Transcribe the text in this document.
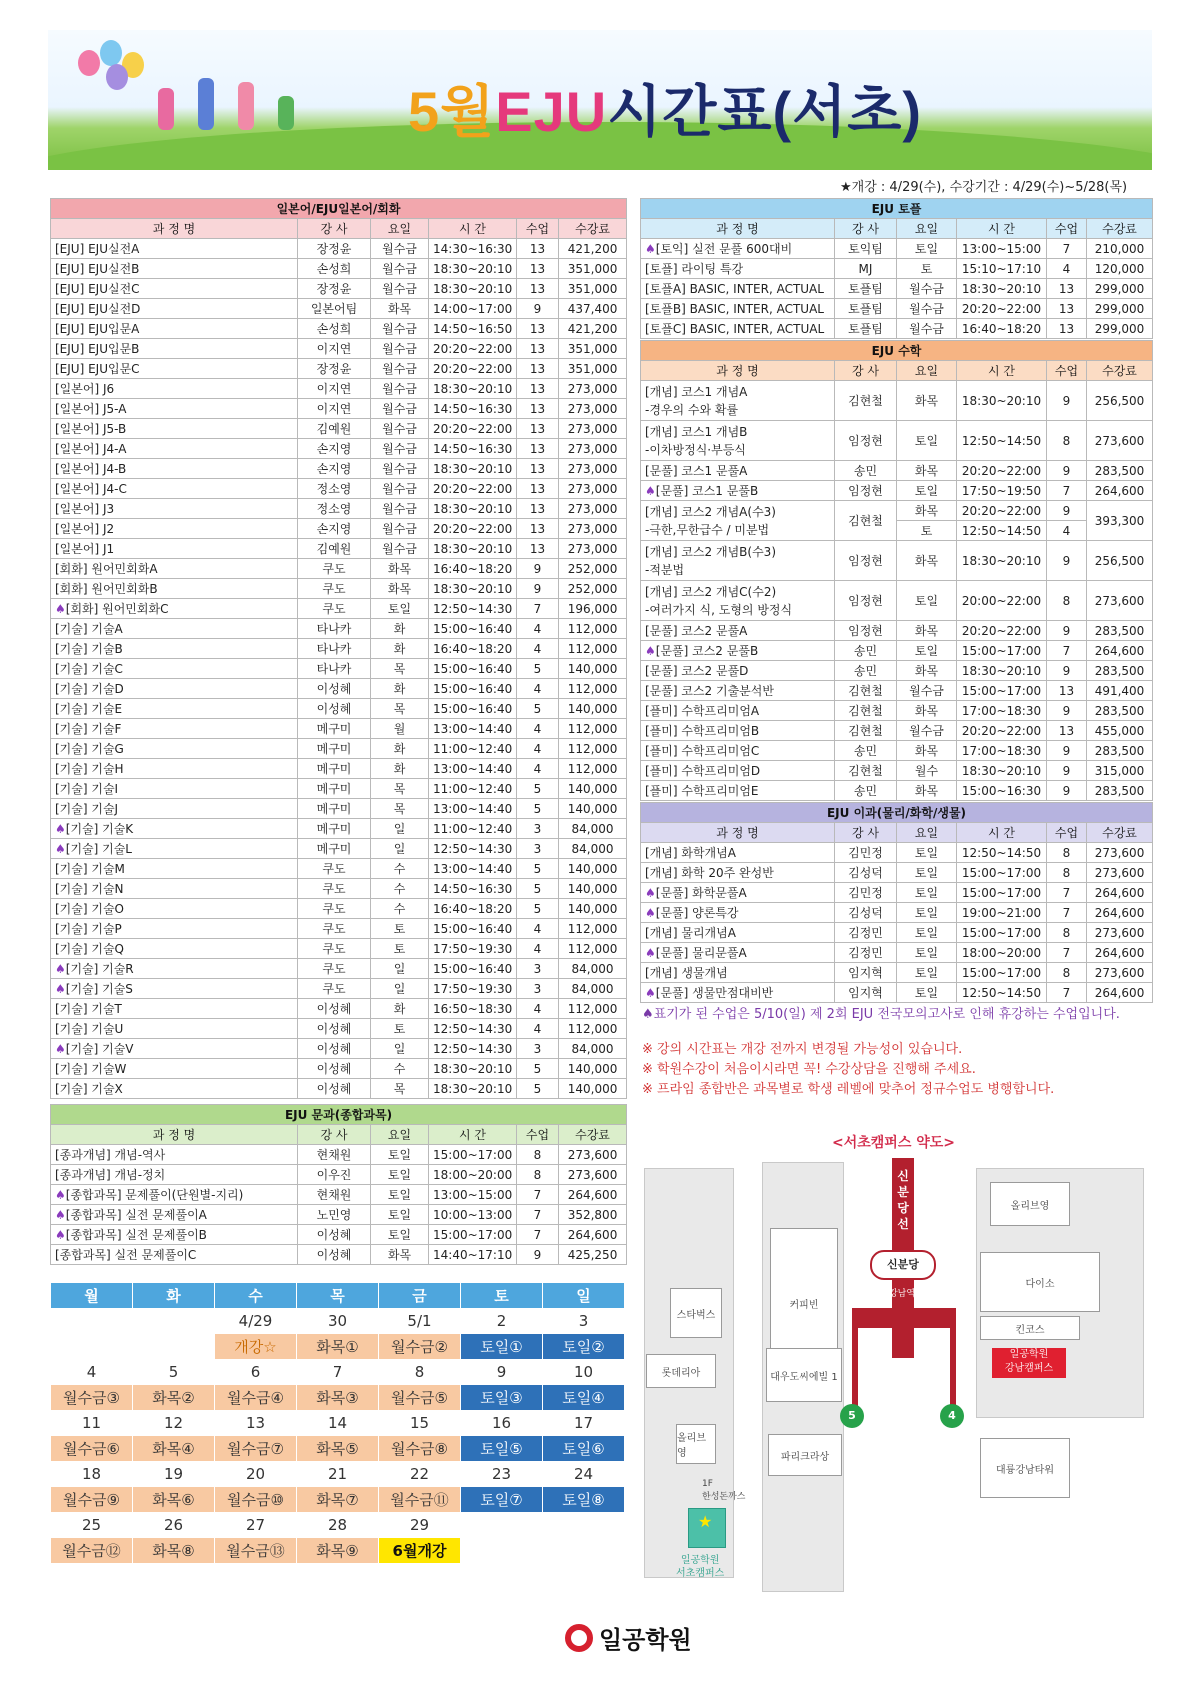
5월EJU시간표(서초)
★개강 : 4/29(수), 수강기간 : 4/29(수)~5/28(목)
일본어/EJU일본어/회화					
과 정 명	강 사	요일	시 간	수업	수강료
[EJU] EJU실전A	장정윤	월수금	14:30~16:30	13	421,200
[EJU] EJU실전B	손성희	월수금	18:30~20:10	13	351,000
[EJU] EJU실전C	장정윤	월수금	18:30~20:10	13	351,000
[EJU] EJU실전D	일본어팀	화목	14:00~17:00	9	437,400
[EJU] EJU입문A	손성희	월수금	14:50~16:50	13	421,200
[EJU] EJU입문B	이지연	월수금	20:20~22:00	13	351,000
[EJU] EJU입문C	장정윤	월수금	20:20~22:00	13	351,000
[일본어] J6	이지연	월수금	18:30~20:10	13	273,000
[일본어] J5-A	이지연	월수금	14:50~16:30	13	273,000
[일본어] J5-B	김예원	월수금	20:20~22:00	13	273,000
[일본어] J4-A	손지영	월수금	14:50~16:30	13	273,000
[일본어] J4-B	손지영	월수금	18:30~20:10	13	273,000
[일본어] J4-C	정소영	월수금	20:20~22:00	13	273,000
[일본어] J3	정소영	월수금	18:30~20:10	13	273,000
[일본어] J2	손지영	월수금	20:20~22:00	13	273,000
[일본어] J1	김예원	월수금	18:30~20:10	13	273,000
[회화] 원어민회화A	쿠도	화목	16:40~18:20	9	252,000
[회화] 원어민회화B	쿠도	화목	18:30~20:10	9	252,000
♠[회화] 원어민회화C	쿠도	토일	12:50~14:30	7	196,000
[기술] 기술A	타나카	화	15:00~16:40	4	112,000
[기술] 기술B	타나카	화	16:40~18:20	4	112,000
[기술] 기술C	타나카	목	15:00~16:40	5	140,000
[기술] 기술D	이성혜	화	15:00~16:40	4	112,000
[기술] 기술E	이성혜	목	15:00~16:40	5	140,000
[기술] 기술F	메구미	월	13:00~14:40	4	112,000
[기술] 기술G	메구미	화	11:00~12:40	4	112,000
[기술] 기술H	메구미	화	13:00~14:40	4	112,000
[기술] 기술I	메구미	목	11:00~12:40	5	140,000
[기술] 기술J	메구미	목	13:00~14:40	5	140,000
♠[기술] 기술K	메구미	일	11:00~12:40	3	84,000
♠[기술] 기술L	메구미	일	12:50~14:30	3	84,000
[기술] 기술M	쿠도	수	13:00~14:40	5	140,000
[기술] 기술N	쿠도	수	14:50~16:30	5	140,000
[기술] 기술O	쿠도	수	16:40~18:20	5	140,000
[기술] 기술P	쿠도	토	15:00~16:40	4	112,000
[기술] 기술Q	쿠도	토	17:50~19:30	4	112,000
♠[기술] 기술R	쿠도	일	15:00~16:40	3	84,000
♠[기술] 기술S	쿠도	일	17:50~19:30	3	84,000
[기술] 기술T	이성혜	화	16:50~18:30	4	112,000
[기술] 기술U	이성혜	토	12:50~14:30	4	112,000
♠[기술] 기술V	이성혜	일	12:50~14:30	3	84,000
[기술] 기술W	이성혜	수	18:30~20:10	5	140,000
[기술] 기술X	이성혜	목	18:30~20:10	5	140,000
EJU 문과(종합과목)					
과 정 명	강 사	요일	시 간	수업	수강료
[종과개념] 개념-역사	현채원	토일	15:00~17:00	8	273,600
[종과개념] 개념-정치	이우진	토일	18:00~20:00	8	273,600
♠[종합과목] 문제풀이(단원별-지리)	현채원	토일	13:00~15:00	7	264,600
♠[종합과목] 실전 문제풀이A	노민영	토일	10:00~13:00	7	352,800
♠[종합과목] 실전 문제풀이B	이성혜	토일	15:00~17:00	7	264,600
[종합과목] 실전 문제풀이C	이성혜	화목	14:40~17:10	9	425,250
EJU 토플					
과 정 명	강 사	요일	시 간	수업	수강료
♠[토익] 실전 문풀 600대비	토익팀	토일	13:00~15:00	7	210,000
[토플] 라이팅 특강	MJ	토	15:10~17:10	4	120,000
[토플A] BASIC, INTER, ACTUAL	토플팀	월수금	18:30~20:10	13	299,000
[토플B] BASIC, INTER, ACTUAL	토플팀	월수금	20:20~22:00	13	299,000
[토플C] BASIC, INTER, ACTUAL	토플팀	월수금	16:40~18:20	13	299,000
EJU 수학					
과 정 명	강 사	요일	시 간	수업	수강료

[개념] 코스1 개념A
-경우의 수와 확률	김현철	화목	18:30~20:10	9	256,500

[개념] 코스1 개념B
-이차방정식·부등식	임정현	토일	12:50~14:50	8	273,600
[문풀] 코스1 문풀A	송민	화목	20:20~22:00	9	283,500
♠[문풀] 코스1 문풀B	임정현	토일	17:50~19:50	7	264,600

[개념] 코스2 개념A(수3)
-극한,무한급수 / 미분법	김현철	화목	20:20~22:00	9	393,300
		토	12:50~14:50	4	

[개념] 코스2 개념B(수3)
-적분법	임정현	화목	18:30~20:10	9	256,500

[개념] 코스2 개념C(수2)
-여러가지 식, 도형의 방정식	임정현	토일	20:00~22:00	8	273,600
[문풀] 코스2 문풀A	임정현	화목	20:20~22:00	9	283,500
♠[문풀] 코스2 문풀B	송민	토일	15:00~17:00	7	264,600
[문풀] 코스2 문풀D	송민	화목	18:30~20:10	9	283,500
[문풀] 코스2 기출분석반	김현철	월수금	15:00~17:00	13	491,400
[플미] 수학프리미엄A	김현철	화목	17:00~18:30	9	283,500
[플미] 수학프리미엄B	김현철	월수금	20:20~22:00	13	455,000
[플미] 수학프리미엄C	송민	화목	17:00~18:30	9	283,500
[플미] 수학프리미엄D	김현철	월수	18:30~20:10	9	315,000
[플미] 수학프리미엄E	송민	화목	15:00~16:30	9	283,500
EJU 이과(물리/화학/생물)					
과 정 명	강 사	요일	시 간	수업	수강료
[개념] 화학개념A	김민정	토일	12:50~14:50	8	273,600
[개념] 화학 20주 완성반	김성덕	토일	15:00~17:00	8	273,600
♠[문풀] 화학문풀A	김민정	토일	15:00~17:00	7	264,600
♠[문풀] 양론특강	김성덕	토일	19:00~21:00	7	264,600
[개념] 물리개념A	김정민	토일	15:00~17:00	8	273,600
♠[문풀] 물리문풀A	김정민	토일	18:00~20:00	7	264,600
[개념] 생물개념	임지혁	토일	15:00~17:00	8	273,600
♠[문풀] 생물만점대비반	임지혁	토일	12:50~14:50	7	264,600
♠표기가 된 수업은 5/10(일) 제 2회 EJU 전국모의고사로 인해 휴강하는 수업입니다.
※ 강의 시간표는 개강 전까지 변경될 가능성이 있습니다.
※ 학원수강이 처음이시라면 꼭! 수강상담을 진행해 주세요.
※ 프라임 종합반은 과목별로 학생 레벨에 맞추어 정규수업도 병행합니다.
월	화	수	목	금	토	일
		4/29	30	5/1	2	3
		개강☆	화목①	월수금②	토일①	토일②
4	5	6	7	8	9	10
월수금③	화목②	월수금④	화목③	월수금⑤	토일③	토일④
11	12	13	14	15	16	17
월수금⑥	화목④	월수금⑦	화목⑤	월수금⑧	토일⑤	토일⑥
18	19	20	21	22	23	24
월수금⑨	화목⑥	월수금⑩	화목⑦	월수금⑪	토일⑦	토일⑧
25	26	27	28	29		
월수금⑫	화목⑧	월수금⑬	화목⑨	6월개강		
<서초캠퍼스 약도>
신분당선
신분당
강남역
올리브영
다이소
킨코스
스타벅스
커피빈
롯데리아	대우도씨에빌 1
파리크라상
올리브영
대륭강남타워
일공학원
강남캠퍼스
5	4
1F
한성돈까스
★
일공학원
서초캠퍼스
일공학원
